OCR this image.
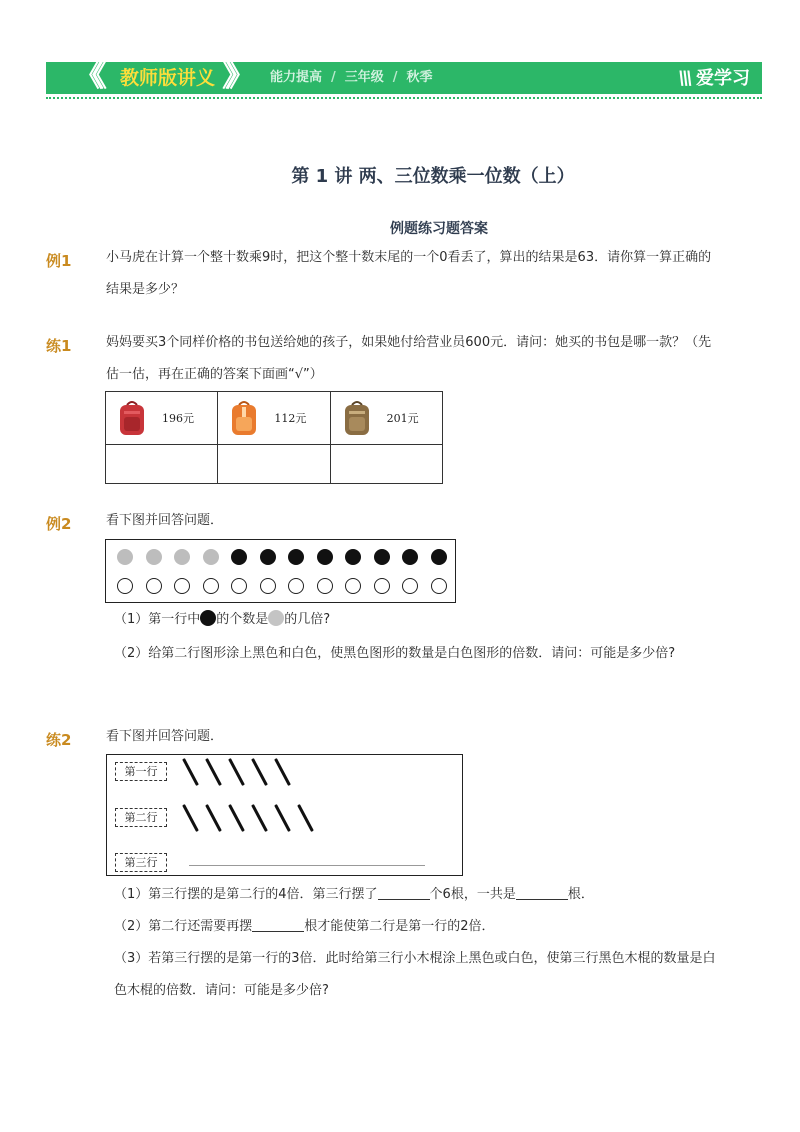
《《 教师版讲义 》》 能力提高 / 三年级 / 秋季	\\\ 爱学习
第 1 讲 两、三位数乘一位数（上）
例题练习题答案
例1	小马虎在计算一个整十数乘9时，把这个整十数末尾的一个0看丢了，算出的结果是63．请你算一算正确的结果是多少？
练1	妈妈要买3个同样价格的书包送给她的孩子，如果她付给营业员600元．请问：她买的书包是哪一款？（先估一估，再在正确的答案下面画“√”）
196元	112元	201元

例2	看下图并回答问题．
（1）第一行中 的个数是 的几倍?
（2）给第二行图形涂上黑色和白色，使黑色图形的数量是白色图形的倍数．请问：可能是多少倍?
练2	看下图并回答问题．
第一行
第二行
第三行
（1）第三行摆的是第二行的4倍．第三行摆了	个6根，一共是	根．
（2）第二行还需要再摆	根才能使第二行是第一行的2倍．
（3）若第三行摆的是第一行的3倍．此时给第三行小木棍涂上黑色或白色，使第三行黑色木棍的数量是白色木棍的倍数．请问：可能是多少倍?
